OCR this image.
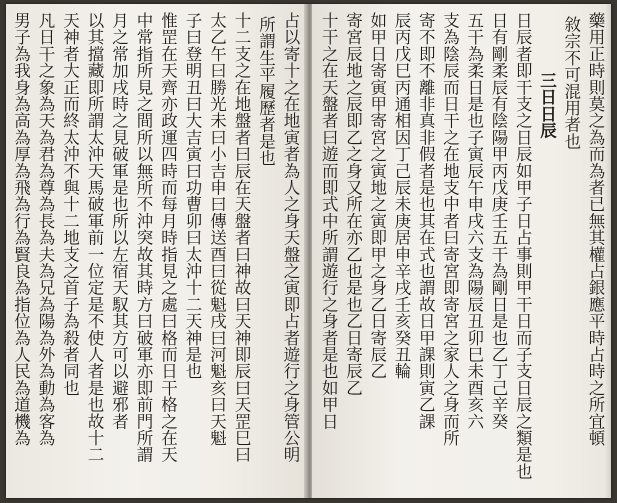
占以寄十之在地寅者為人之身天盤之寅即占者遊行之身管公明
所謂生平履歷者是也
十二支之在地盤者曰辰在天盤者曰神故曰天神即辰曰天罡巳曰
太乙午曰勝光未曰小吉申曰傳送酉曰從魁戌曰河魁亥曰天魁
子曰登明丑曰大吉寅曰功曹卯曰太沖十二天神是也
惟罡在天齊亦政運四時而每月時指見之處曰格而日干格之在天
中常指所見之間所以無所不沖突故其時方曰破軍亦即前門所謂
月之常加戌時之見破軍是也所以左宿天馭其方可以避邪者
以其擋藏即所謂太沖天馬破軍前一位定是不使人者是也故十二
天神者大正而終太沖不與十二地支之首子為殺者同也
凡日干之象為天為君為尊為長為夫為兄為陽為外為動為客為
男子為我身為高為厚為飛為行為賢良為指位為人民為道機為	藥用正時則莫之為而為者已無其權占銀應平時占時之所宜頓
敘宗不可混用者也
三日日辰
日辰者即干支之日辰如甲子日占事則甲干日而子支日辰之類是也
日有剛柔辰有陰陽甲丙戊庚壬五干為剛日是也乙丁己辛癸
五干為柔日是也子寅辰午申戌六支為陽辰丑卯巳未酉亥六
支為陰辰而日干之在地支中者曰寄宮即寄宮之家人之身而所
寄不即不離非真非假者是也其在式也謂故日甲課則寅乙課
辰丙戊巳丙通相因丁己辰未庚居申辛戌壬亥癸丑輪
如甲日寄寅甲寄宮之寅地之寅即甲之身乙日寄辰乙
寄宮辰地之辰即乙之身又所在亦乙也是也乙日寄辰乙
十干之在天盤者曰遊而即式中所謂遊行之身者是也如甲日
